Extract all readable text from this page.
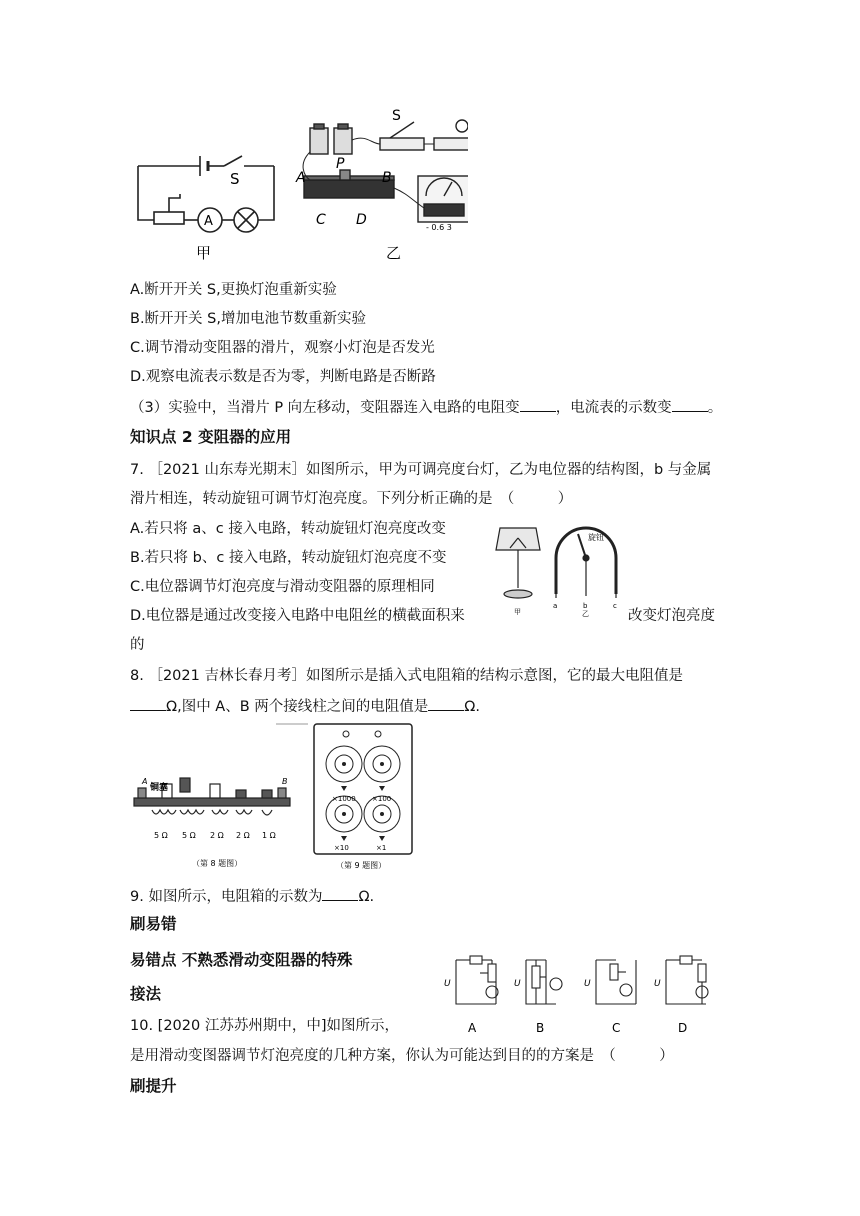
S
A
甲
S
A
P
B
C D	- 0.6 3
乙
A.断开开关 S,更换灯泡重新实验
B.断开开关 S,增加电池节数重新实验
C.调节滑动变阻器的滑片，观察小灯泡是否发光
D.观察电流表示数是否为零，判断电路是否断路
（3）实验中，当滑片 P 向左移动，变阻器连入电路的电阻变 ，电流表的示数变 。
知识点 2 变阻器的应用
7. ［2021 山东寿光期末］如图所示，甲为可调亮度台灯，乙为电位器的结构图，b 与金属
滑片相连，转动旋钮可调节灯泡亮度。下列分析正确的是　（　　　）
A.若只将 a、c 接入电路，转动旋钮灯泡亮度改变
B.若只将 b、c 接入电路，转动旋钮灯泡亮度不变
C.电位器调节灯泡亮度与滑动变阻器的原理相同
D.电位器是通过改变接入电路中电阻丝的横截面积来	改变灯泡亮度
的
旋钮
a	b	c
甲	乙
8. ［2021 吉林长春月考］如图所示是插入式电阻箱的结构示意图，它的最大电阻值是
Ω,图中 A、B 两个接线柱之间的电阻值是 Ω.
铜塞
A	B
5 Ω 5 Ω 2 Ω 2 Ω 1 Ω
（第 8 题图）
×1000 ×100
×10	×1
（第 9 题图）
9. 如图所示，电阻箱的示数为 Ω.
刷易错
易错点 不熟悉滑动变阻器的特殊
接法
U	U	U	U
A	B	C	D
10. [2020 江苏苏州期中，中]如图所示，
是用滑动变图器调节灯泡亮度的几种方案，你认为可能达到目的的方案是　（　　　）
刷提升
